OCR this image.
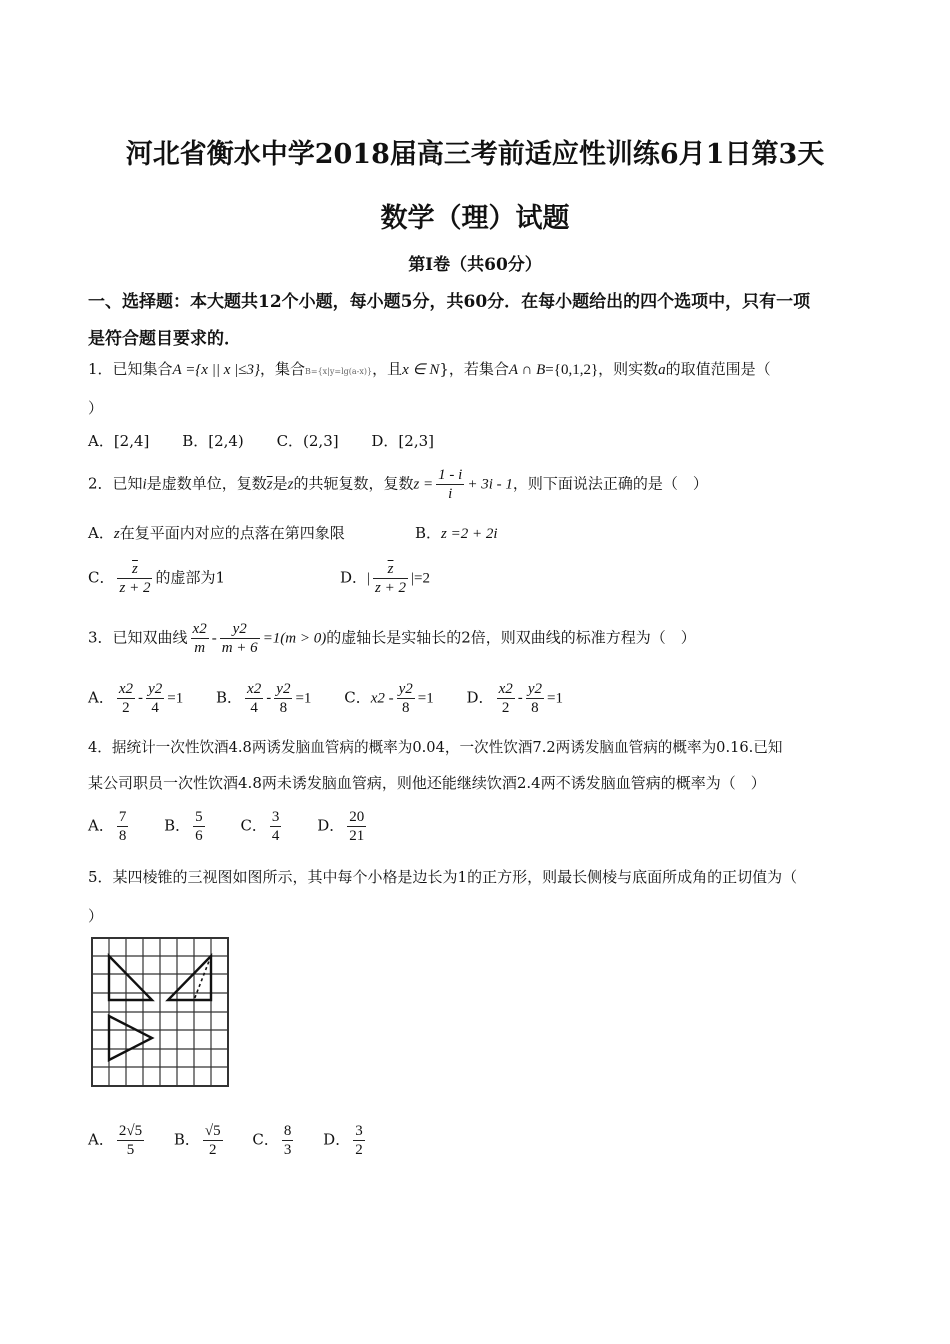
河北省衡水中学2018届高三考前适应性训练6月1日第3天
数学（理）试题
第Ⅰ卷（共60分）
一、选择题：本大题共12个小题，每小题5分，共60分．在每小题给出的四个选项中，只有一项
是符合题目要求的．
1．已知集合A ={x || x |≤3}，集合B={x|y=lg(a-x)}，且x ∈ N}，若集合A ∩ B={0,1,2}，则实数a的取值范围是（
）
A．[2,4] B．[2,4) C．(2,3] D．[2,3]
2．已知i是虚数单位，复数$\overline{z}$是z的共轭复数，复数$z = \frac{1 - i}{i} + 3i - 1$，则下面说法正确的是（　）
A．z在复平面内对应的点落在第四象限	B．z =2 + 2i
C． $\frac{\overline{z}}{z + 2}$ 的虚部为1	D．| $\frac{\overline{z}}{z + 2} |=2$
3．已知双曲线 $\frac{x2}{m} - \frac{y2}{m + 6} =1(m > 0)$的虚轴长是实轴长的2倍，则双曲线的标准方程为（　）
A． $\frac{x2}{2} - \frac{y2}{4} =1$ B． $\frac{x2}{4} - \frac{y2}{8} =1$ C．$x2 - \frac{y2}{8} =1$ D． $\frac{x2}{2} - \frac{y2}{8} =1$
4．据统计一次性饮酒4.8两诱发脑血管病的概率为0.04，一次性饮酒7.2两诱发脑血管病的概率为0.16.已知
某公司职员一次性饮酒4.8两未诱发脑血管病，则他还能继续饮酒2.4两不诱发脑血管病的概率为（　）
A． $\frac{7}{8}$ B． $\frac{5}{6}$ C． $\frac{3}{4}$ D． $\frac{20}{21}$
5．某四棱锥的三视图如图所示，其中每个小格是边长为1的正方形，则最长侧棱与底面所成角的正切值为（
）
A． $\frac{2√5}{5}$ B． $\frac{√5}{2}$ C． $\frac{8}{3}$ D． $\frac{3}{2}$
